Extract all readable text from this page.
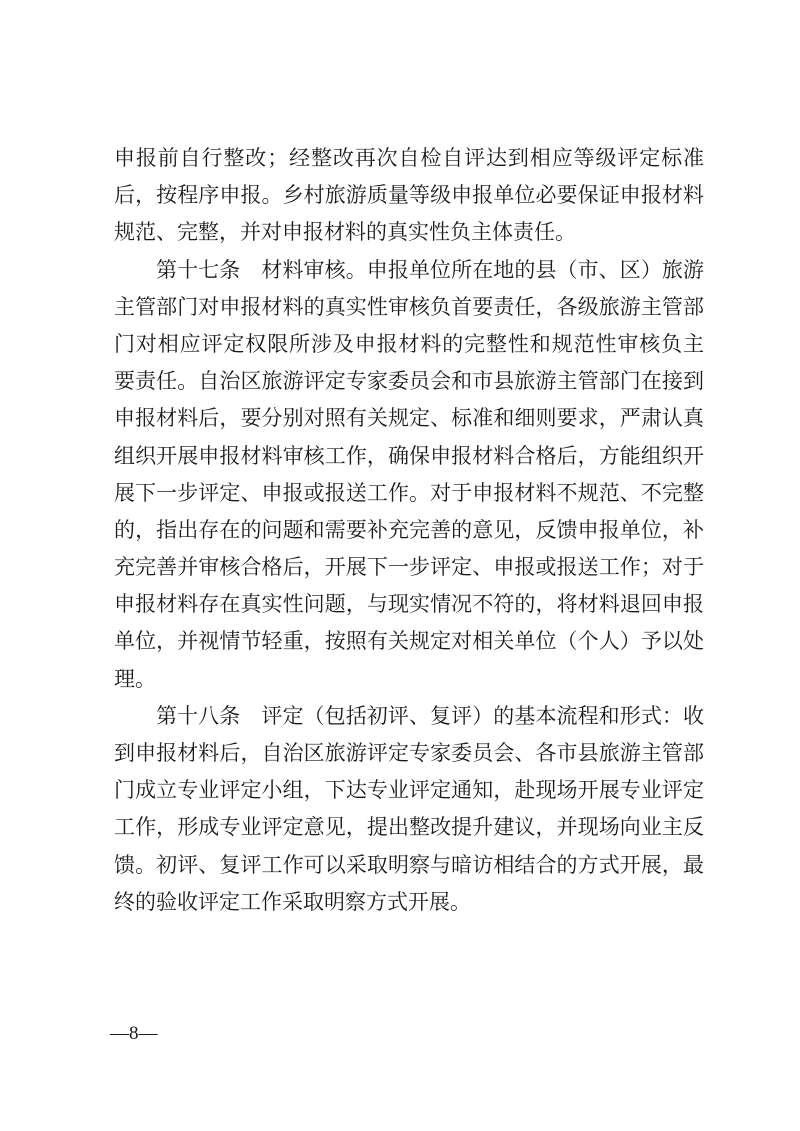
申报前自行整改；经整改再次自检自评达到相应等级评定标准
后，按程序申报。乡村旅游质量等级申报单位必要保证申报材料
规范、完整，并对申报材料的真实性负主体责任。
第十七条　材料审核。申报单位所在地的县（市、区）旅游
主管部门对申报材料的真实性审核负首要责任，各级旅游主管部
门对相应评定权限所涉及申报材料的完整性和规范性审核负主
要责任。自治区旅游评定专家委员会和市县旅游主管部门在接到
申报材料后，要分别对照有关规定、标准和细则要求，严肃认真
组织开展申报材料审核工作，确保申报材料合格后，方能组织开
展下一步评定、申报或报送工作。对于申报材料不规范、不完整
的，指出存在的问题和需要补充完善的意见，反馈申报单位，补
充完善并审核合格后，开展下一步评定、申报或报送工作；对于
申报材料存在真实性问题，与现实情况不符的，将材料退回申报
单位，并视情节轻重，按照有关规定对相关单位（个人）予以处
理。
第十八条　评定（包括初评、复评）的基本流程和形式：收
到申报材料后，自治区旅游评定专家委员会、各市县旅游主管部
门成立专业评定小组，下达专业评定通知，赴现场开展专业评定
工作，形成专业评定意见，提出整改提升建议，并现场向业主反
馈。初评、复评工作可以采取明察与暗访相结合的方式开展，最
终的验收评定工作采取明察方式开展。
—8—
